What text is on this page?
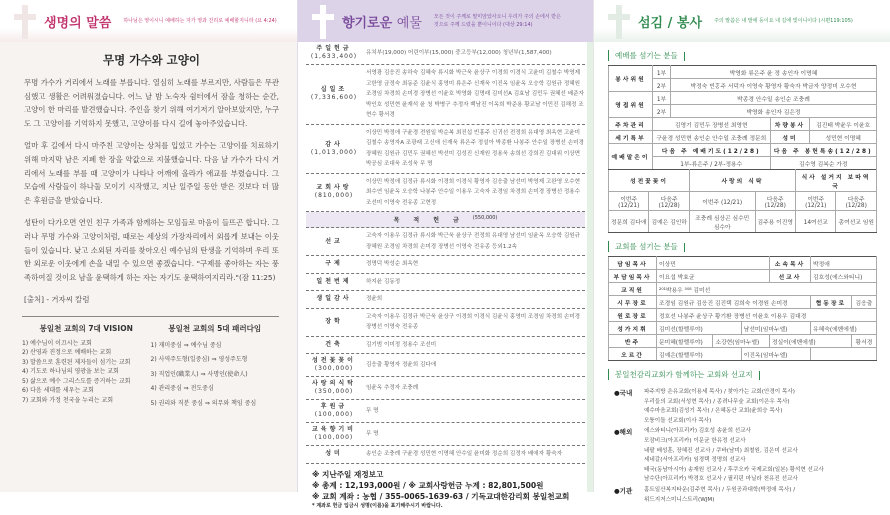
생명의 말씀 하나님은 영이시니 예배하는 자가 영과 진리로 예배할지니라 (요 4:24)
무명 가수와 고양이

무명 가수가 거리에서 노래를 부릅니다. 열심히 노래를 부르지만, 사람들은 무관심했고 생활은 어려워졌습니다. 어느 날 밤 노숙자 쉼터에서 잠을 청하는 순간, 고양이 한 마리를 발견했습니다. 주인을 찾기 위해 여기저기 알아보았지만, 누구도 그 고양이를 기억하지 못했고, 고양이를 다시 길에 놓아주었습니다.

얼마 후 길에서 다시 마주친 고양이는 상처를 입었고 가수는 고양이를 치료하기 위해 마지막 남은 지폐 한 장을 약값으로 지불했습니다. 다음 날 가수가 다시 거리에서 노래를 부를 때 고양이가 나타나 어깨에 올라가 애교를 부렸습니다. 그 모습에 사람들이 하나둘 모이기 시작했고, 지난 일주일 동안 받은 것보다 더 많은 후원금을 받았습니다.

성탄이 다가오면 연인 친구 가족과 함께하는 모임들로 마음이 들뜨곤 합니다. 그러나 무명 가수와 고양이처럼, 때로는 세상의 가장자리에서 외롭게 보내는 이웃들이 있습니다. 낮고 소외된 자리를 찾아오신 예수님의 탄생을 기억하며 우리 또한 외로운 이웃에게 손을 내밀 수 있으면 좋겠습니다. "구제를 좋아하는 자는 풍족하여질 것이요 남을 윤택하게 하는 자는 자기도 윤택하여지리라."(잠 11:25)

[출처] - 거자씨 칼럼

봉일천 교회의 7대 VISION
1) 예수님이 이끄시는 교회
2) 산영과 진정으로 예배하는 교회
3) 말씀으로 훈련된 제자들이 섬기는 교회
4) 기도로 하나님의 영광을 보는 교회
5) 삶으로 예수 그리스도를 증거하는 교회
6) 다음 세대를 세우는 교회
7) 교회와 가정 천국을 누리는 교회
봉일천 교회의 5대 패러다임
1) 재미중심 ⇒ 예수님 중심
2) 사역주도형(일중심) ⇒ 영성주도형
3) 직업인(職業人) ⇒ 사명인(使命人)
4) 관리중심 ⇒ 전도중심
5) 권리와 직분 중심 ⇒ 의무와 책임 중심
향기로운 예물 모든 것이 주께로 말미암았사오니 우리가 주의 손에서 받은 것으로 주께 드렸을 뿐이니이다 (대상 29:14)
주일헌금
(1,633,400)
유치부(19,000) 어린이부(15,000) 중고등부(12,000) 청년부(1,587,400)
십일조
(7,336,600)
서영광 김응진 송하숙 김혜숙 류시화 박근욱 윤상구 이경희 이경식 고윤미 김철수 박영제 고한영 금정숙 최동준 김윤식 홍영미 류은주 신재욱 이진옥 임윤옥 오승학 김원규 정혜원 조경임 차경희 손미경 장병선 이윤호 박영화 김명래 김미선A 김효남 김민두 권혜선 배준자 박인호 성민현 윤재석 윤 청 박병구 추정자 백남진 이옥희 박준용 황교남 이민진 김해정 조현수 황서경
감사
(1,013,000)
이상민 박정애 구윤경 전원일 박순복 최진섭 빈홍주 신귀선 전정희 유대영 최옥현 고윤미 김철수 송영자A 조광래 고신애 신재욱 류은주 정설아 박종환 나봉주 안수일 장병선 손미경 장혜원 김원규 김민두 권혜선 박선미 김성진 신재원 정용욱 송희선 강희진 김대위 이상면 박공심 조대욱 조성욱 무 명
교회사랑
(810,000)
이상민 박정애 김정규 류시화 이경희 이경식 황영자 김응출 남선미 박영제 고완영 오수현 최수연 임윤옥 오승학 나봉주 안수일 이용우 고숙자 조경임 차경희 손미경 장병선 정용수 조선미 이영숙 전유종 고현정
목적헌금 (550,000)
선교
고숙자 이용우 김정규 류시화 박근욱 윤상구 전정희 유대영 남선미 임윤옥 오승학 김원규 장혜원 조경임 차경희 손미경 장병선 이영숙 전유종 등외1.2속
구제	정명덕 박성순 최옥현
일천번제	하지윤 김동정
생일감사	정윤희
장학
고숙자 이용우 김정규 박근욱 윤상구 이경희 이경식 김윤식 홍영미 조경임 차경희 손미경 장병선 이영숙 전유종
건축	김기범 이미정 정용수 조선미
성전꽃꽂이
(300,000)
김응출 황영자 정윤희 김다애
사랑의식탁
(350,000)
임윤옥 추정자 조충례
후원금
(100,000)
무 명
교육향기비
(100,000)
무 명
성미	송인순 조충례 구윤경 성민현 이명혜 안수일 윤미화 정순희 김정자 배애자 황숙자
※ 지난주일 재정보고
※ 총계 : 12,193,000원 / ※ 교회사랑헌금 누계 : 82,801,500원
※ 교회 계좌 : 농협 / 355-0065-1639-63 / 기독교대한감리회 봉일천교회
* 계좌로 헌금 입금시 성명(이름)을 표기해주시기 바랍니다.
섬김 / 봉사 주의 말씀은 내 발에 등이요 내 길에 빛이니이다 (시편119:105)
예배를 섬기는 분들
봉사위원	1부	박영화 류은주 윤 정 송인자 이명혜		
	2부	박정숙 빈홍주 서덕자 이영숙 황영자 황숙자 박금자 양정미 오수현		
영접위원	1부	박종경 안수일 송인순 조충례		
	2부	박영화 송인자 김은정		
주차관리	김영기 김민두 장병선 최영현		차량봉사	김진태 박윤우 이윤호
세기특부	구윤경 성민현 송인순 안수일 조충례 정문희		성미	성민현 이명혜
예배말은이	다음 주 예배기도(12/28)		다음 주 봉헌특송(12/28)	
	1부-류은주 / 2부-정용수		김수영 김복순 가정	
성전꽃꽂이		사랑의 식탁		식사 설거지 보따역국	
이번주 (12/21)	다음주 (12/28)	이번주 (12/21)	다음주 (12/28)	이번주 (12/21)	다음주 (12/28)
정문희 김다애	김예은 김인하	조충례 심상곤 심수민 심수아	김주용 이진영	14여선교	총여선교 임원
교회를 섬기는 분들
담임목사	이상민			소속목사	박정애	
부담임목사	이요섭 박효균			선교사	김호성(에스와티니)	
교직원	²⁰¹박용우 ⁰⁰⁸ 김미선					
시무장로	조경임 김원규 김응진 김진택 김희숙 이경원 손미경				협동장로	김응출
원로장로	정호선 나봉주 윤상구 황기환 장병선 이윤호 이용우 김대경					
성가지휘	김미선(할렐루야)		남선미(임마누엘)		유혜숙(에벤에셀)	
반주	문미혜(할렐루야)	소강현(임마누엘)		정실이(에벤에셀)		황서경
오르간	김예은(할렐루야)		이진옥(임마누엘)			
봉일천감리교회가 함께하는 교회와 선교지
●국내	파주지방 은유교회(이용세 목사) / 찾아가는 교회(안경이 목사)
우리들의 교회(서성현 목사) / 종려나무숲 교회(이은우 목사)
예수마음교회(김성기 목사) / 은혜동산 교회(윤희승 목사)
모퉁이돌 선교회(이사 목사)
●해외	에스와티니(아프리카) 김호성 송윤희 선교사
모잠비크(아프리카) 이문균 한유정 선교사
네팔 배성훈, 장혜진 선교사 / 쿠바(남미) 최철원, 김은미 선교사
세네갈(서아프리카) 임경택 정명희 선교사
태국(동남아시아) 송재원 선교사 / 후쿠오카 국제교회(일본) 황석현 선교사
남수단(아프리카) 박경호 선교사 / 필리핀 마닐라 천유진 선교사
●기관	홈트일산복지타운(김주현 목사) / 두원공과대학(박정애 목사) /
위드지저스미니스트리(WJM)
